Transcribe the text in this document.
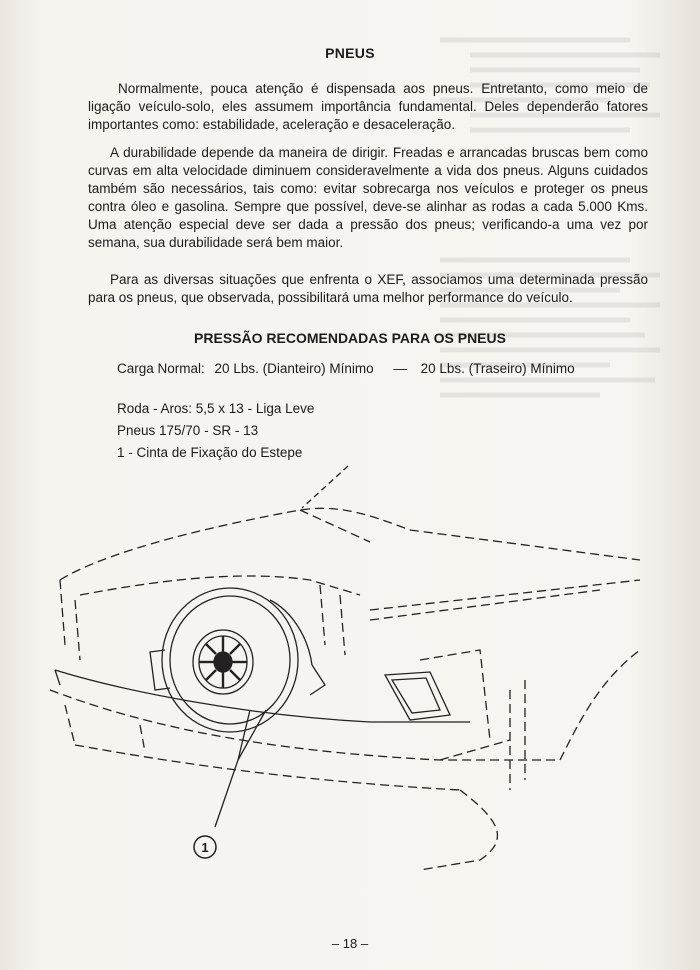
PNEUS

Normalmente, pouca atenção é dispensada aos pneus. Entretanto, como meio de ligação veículo-solo, eles assumem importância fundamental. Deles dependerão fatores importantes como: estabilidade, aceleração e desaceleração.

A durabilidade depende da maneira de dirigir. Freadas e arrancadas bruscas bem como curvas em alta velocidade diminuem consideravelmente a vida dos pneus. Alguns cuidados também são necessários, tais como: evitar sobrecarga nos veículos e proteger os pneus contra óleo e gasolina. Sempre que possível, deve-se alinhar as rodas a cada 5.000 Kms. Uma atenção especial deve ser dada a pressão dos pneus; verificando-a uma vez por semana, sua durabilidade será bem maior.

Para as diversas situações que enfrenta o XEF, associamos uma determinada pressão para os pneus, que observada, possibilitará uma melhor performance do veículo.

PRESSÃO RECOMENDADAS PARA OS PNEUS
Carga Normal: 20 Lbs. (Dianteiro) Mínimo — 20 Lbs. (Traseiro) Mínimo
Roda - Aros: 5,5 x 13 - Liga Leve
Pneus 175/70 - SR - 13
1 - Cinta de Fixação do Estepe
1
– 18 –
